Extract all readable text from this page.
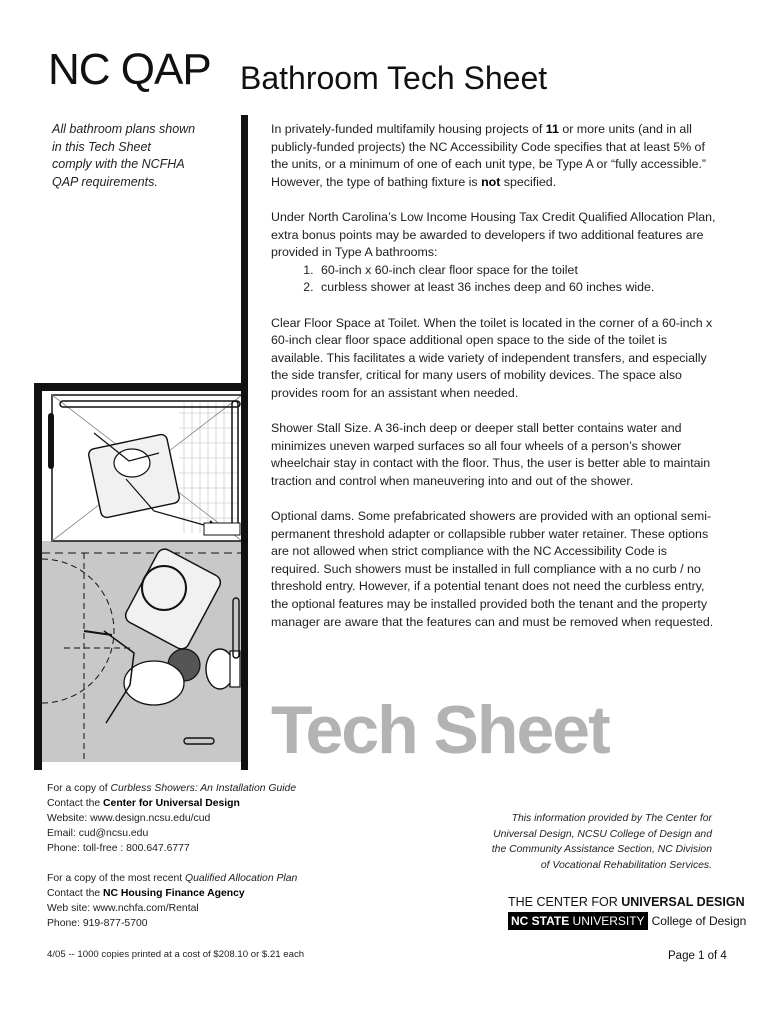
NC QAP Bathroom Tech Sheet
All bathroom plans shown
in this Tech Sheet
comply with the NCFHA
QAP requirements.

In privately-funded multifamily housing projects of 11 or more units (and in all publicly-funded projects) the NC Accessibility Code specifies that at least 5% of the units, or a minimum of one of each unit type, be Type A or “fully accessible.” However, the type of bathing fixture is not specified.

Under North Carolina’s Low Income Housing Tax Credit Qualified Allocation Plan, extra bonus points may be awarded to developers if two additional features are provided in Type A bathrooms:

1. 60-inch x 60-inch clear floor space for the toilet
2. curbless shower at least 36 inches deep and 60 inches wide.

Clear Floor Space at Toilet. When the toilet is located in the corner of a 60-inch x 60-inch clear floor space additional open space to the side of the toilet is available. This facilitates a wide variety of independent transfers, and especially the side transfer, critical for many users of mobility devices. The space also provides room for an assistant when needed.

Shower Stall Size. A 36-inch deep or deeper stall better contains water and minimizes uneven warped surfaces so all four wheels of a person’s shower wheelchair stay in contact with the floor. Thus, the user is better able to maintain traction and control when maneuvering into and out of the shower.

Optional dams. Some prefabricated showers are provided with an optional semi-permanent threshold adapter or collapsible rubber water retainer. These options are not allowed when strict compliance with the NC Accessibility Code is required. Such showers must be installed in full compliance with a no curb / no threshold entry. However, if a potential tenant does not need the curbless entry, the optional features may be installed provided both the tenant and the property manager are aware that the features can and must be removed when requested.

Tech Sheet
For a copy of Curbless Showers: An Installation Guide
Contact the Center for Universal Design
Website: www.design.ncsu.edu/cud
Email: cud@ncsu.edu
Phone: toll-free : 800.647.6777
For a copy of the most recent Qualified Allocation Plan
Contact the NC Housing Finance Agency
Web site: www.nchfa.com/Rental
Phone: 919-877-5700
4/05 -- 1000 copies printed at a cost of $208.10 or $.21 each
This information provided by The Center for
Universal Design, NCSU College of Design and
the Community Assistance Section, NC Division
of Vocational Rehabilitation Services.
THE CENTER FOR UNIVERSAL DESIGN
NC STATE UNIVERSITY College of Design
Page 1 of 4
